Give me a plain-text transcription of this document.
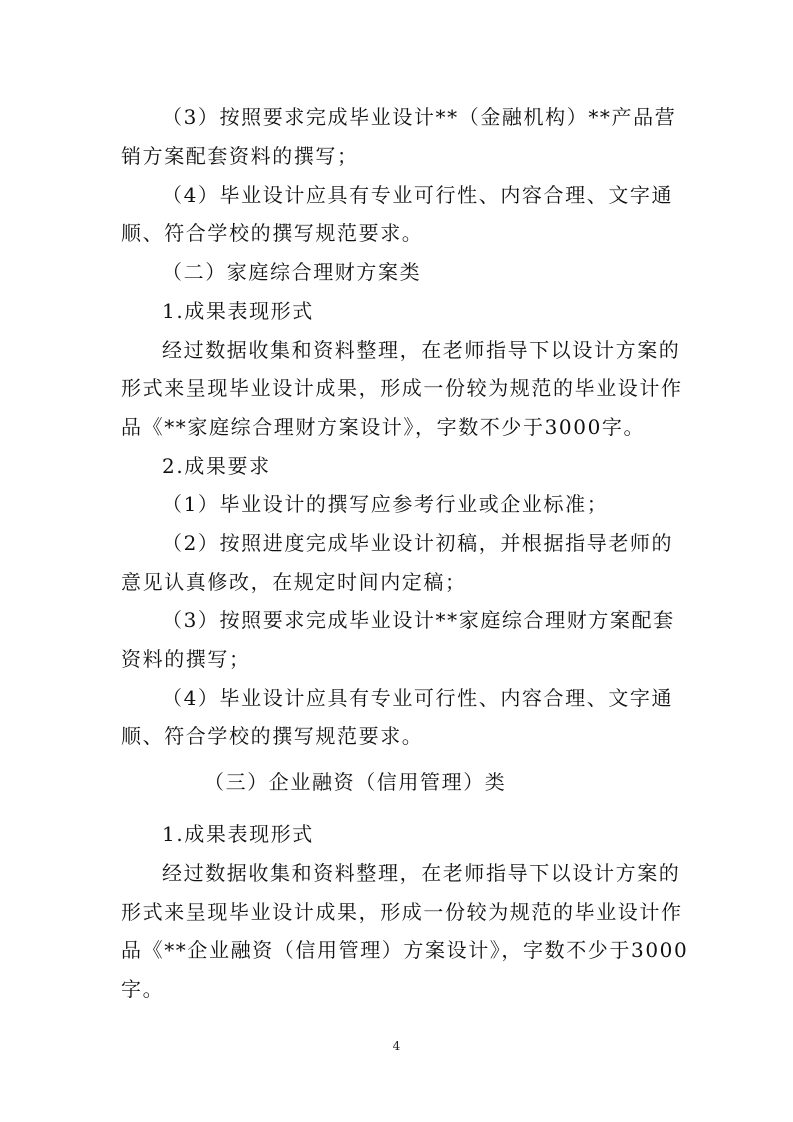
（3）按照要求完成毕业设计**（金融机构）**产品营
销方案配套资料的撰写；
（4）毕业设计应具有专业可行性、内容合理、文字通
顺、符合学校的撰写规范要求。
（二）家庭综合理财方案类
1.成果表现形式
经过数据收集和资料整理，在老师指导下以设计方案的
形式来呈现毕业设计成果，形成一份较为规范的毕业设计作
品《**家庭综合理财方案设计》，字数不少于3000字。
2.成果要求
（1）毕业设计的撰写应参考行业或企业标准；
（2）按照进度完成毕业设计初稿，并根据指导老师的
意见认真修改，在规定时间内定稿；
（3）按照要求完成毕业设计**家庭综合理财方案配套
资料的撰写；
（4）毕业设计应具有专业可行性、内容合理、文字通
顺、符合学校的撰写规范要求。
（三）企业融资（信用管理）类
1.成果表现形式
经过数据收集和资料整理，在老师指导下以设计方案的
形式来呈现毕业设计成果，形成一份较为规范的毕业设计作
品《**企业融资（信用管理）方案设计》，字数不少于3000
字。
4
